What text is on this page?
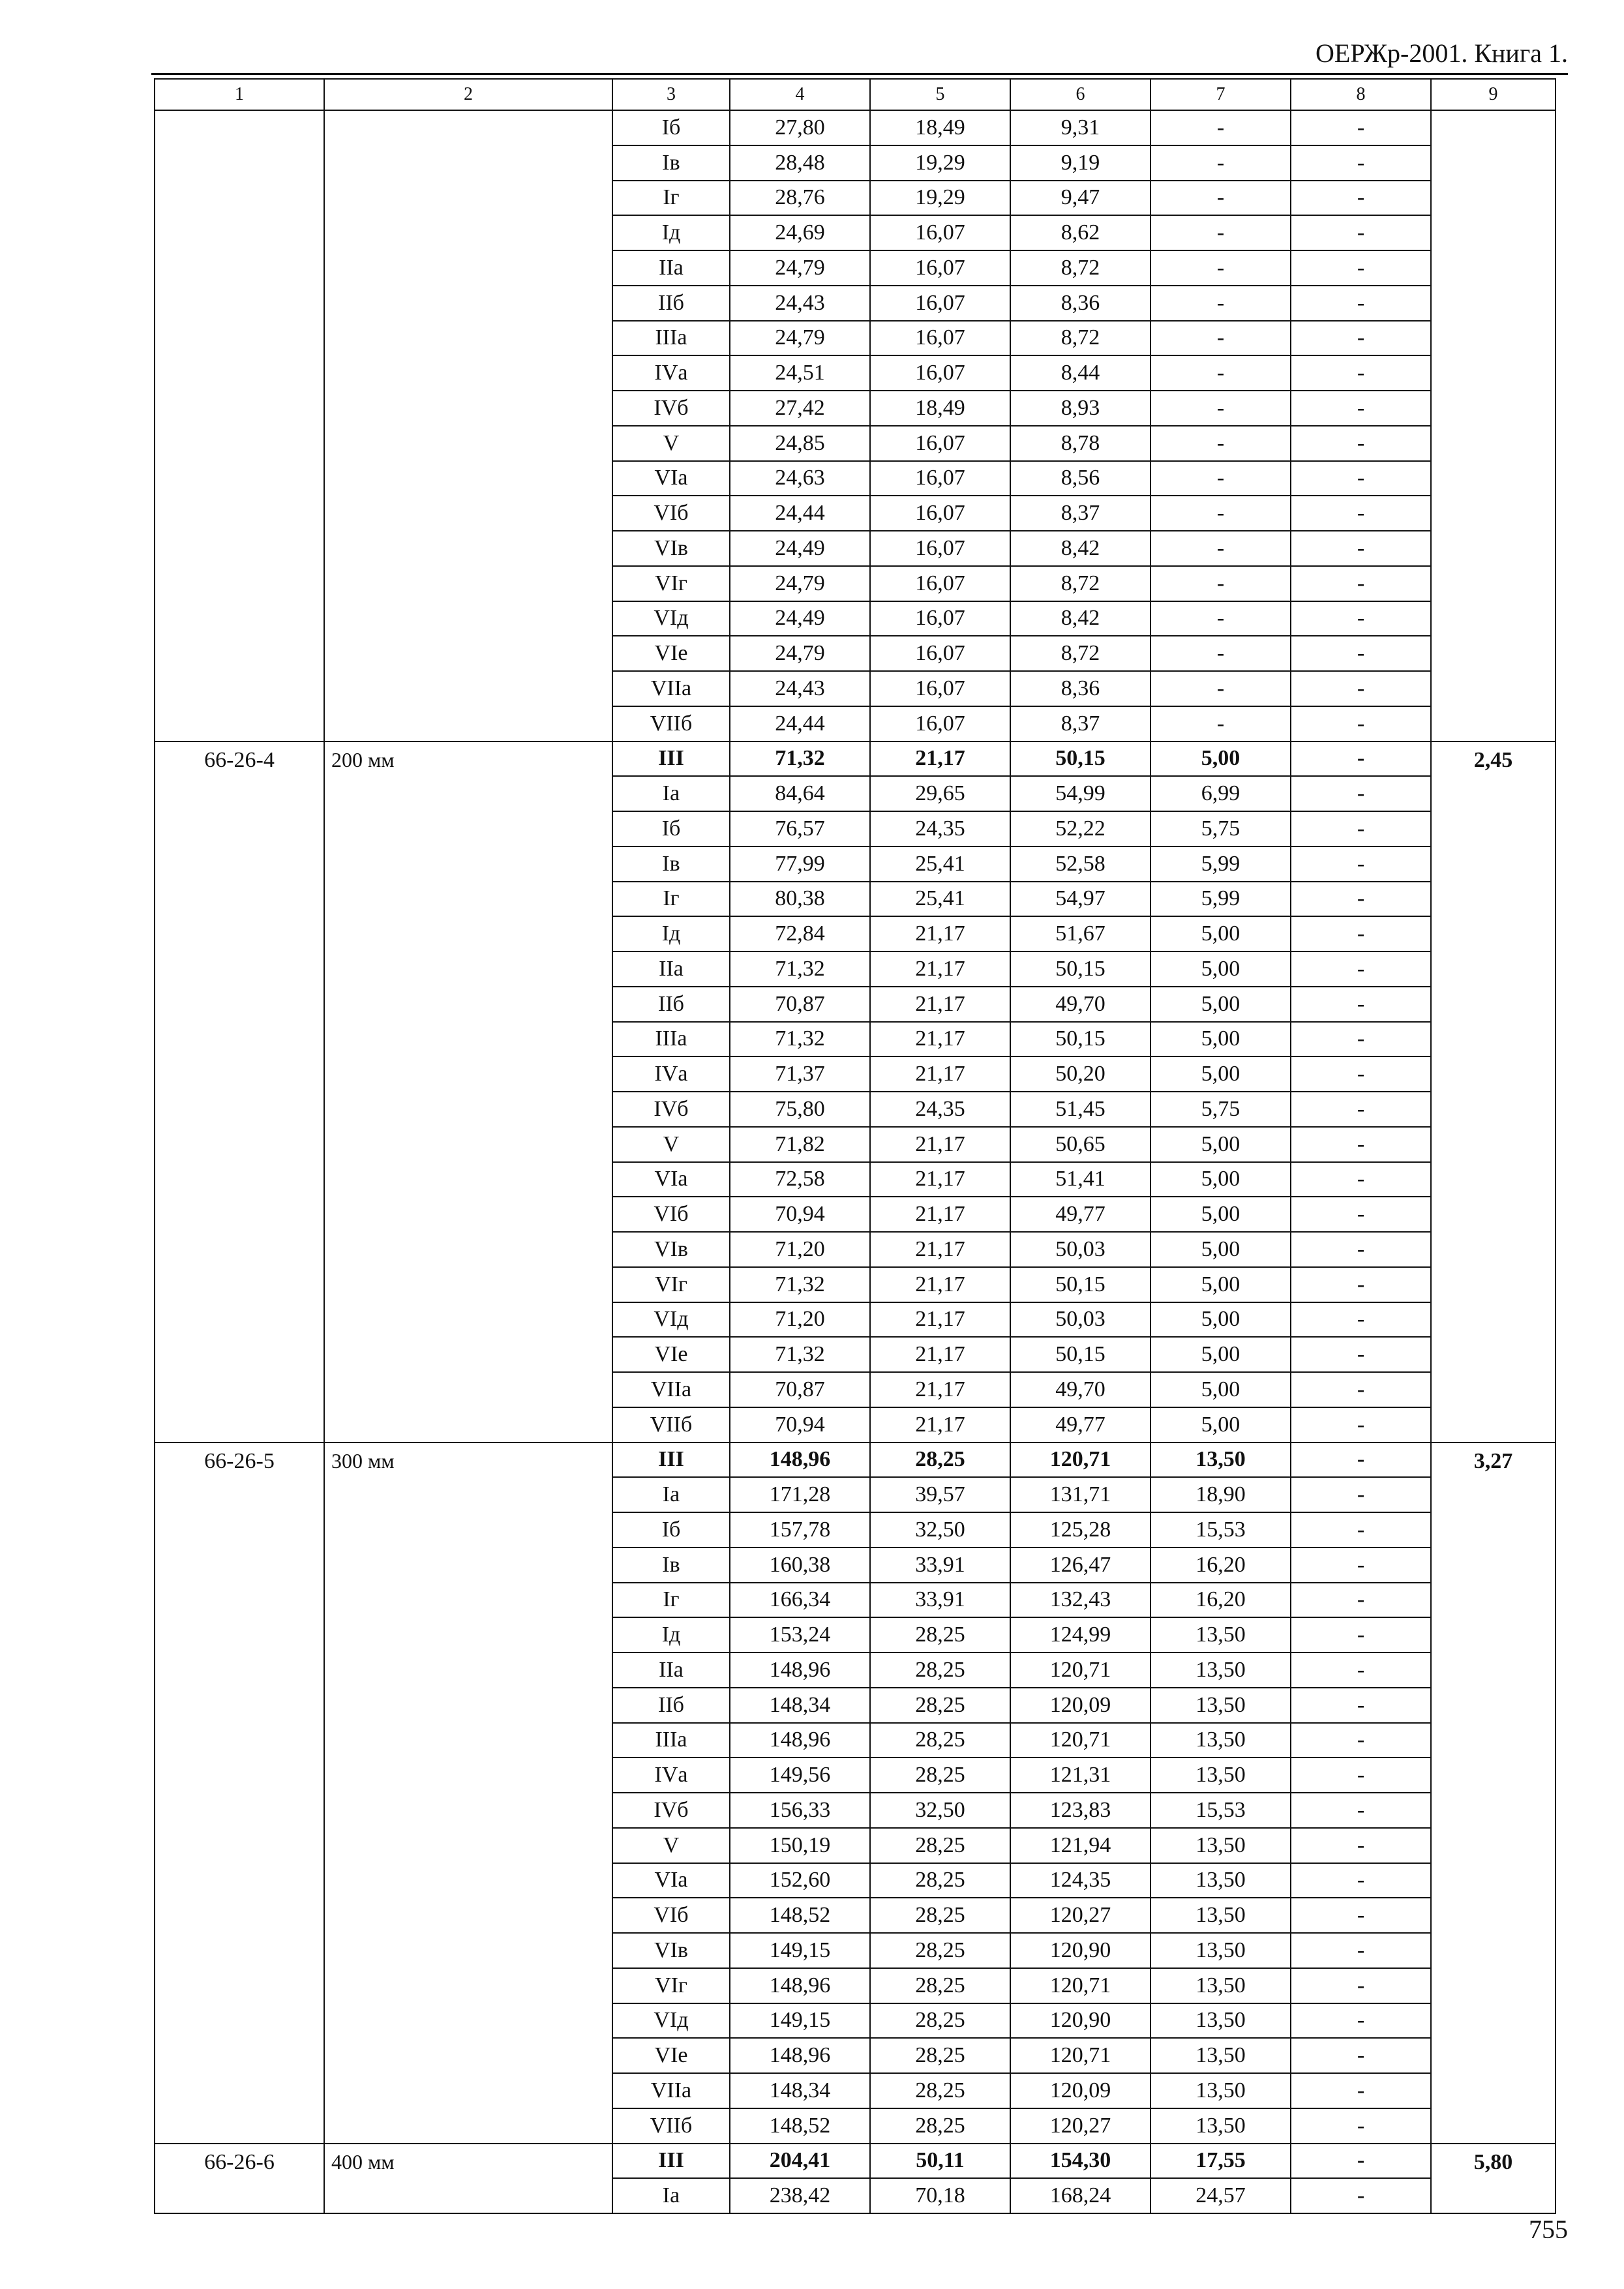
ОЕРЖр-2001. Книга 1.
1	2	3	4	5	6	7	8	9
		Iб	27,80	18,49	9,31	-	-	
		Iв	28,48	19,29	9,19	-	-	
		Iг	28,76	19,29	9,47	-	-	
		Iд	24,69	16,07	8,62	-	-	
		IIа	24,79	16,07	8,72	-	-	
		IIб	24,43	16,07	8,36	-	-	
		IIIа	24,79	16,07	8,72	-	-	
		IVа	24,51	16,07	8,44	-	-	
		IVб	27,42	18,49	8,93	-	-	
		V	24,85	16,07	8,78	-	-	
		VIа	24,63	16,07	8,56	-	-	
		VIб	24,44	16,07	8,37	-	-	
		VIв	24,49	16,07	8,42	-	-	
		VIг	24,79	16,07	8,72	-	-	
		VIд	24,49	16,07	8,42	-	-	
		VIе	24,79	16,07	8,72	-	-	
		VIIа	24,43	16,07	8,36	-	-	
		VIIб	24,44	16,07	8,37	-	-	
66-26-4	200 мм	III	71,32	21,17	50,15	5,00	-	2,45
		Iа	84,64	29,65	54,99	6,99	-	
		Iб	76,57	24,35	52,22	5,75	-	
		Iв	77,99	25,41	52,58	5,99	-	
		Iг	80,38	25,41	54,97	5,99	-	
		Iд	72,84	21,17	51,67	5,00	-	
		IIа	71,32	21,17	50,15	5,00	-	
		IIб	70,87	21,17	49,70	5,00	-	
		IIIа	71,32	21,17	50,15	5,00	-	
		IVа	71,37	21,17	50,20	5,00	-	
		IVб	75,80	24,35	51,45	5,75	-	
		V	71,82	21,17	50,65	5,00	-	
		VIа	72,58	21,17	51,41	5,00	-	
		VIб	70,94	21,17	49,77	5,00	-	
		VIв	71,20	21,17	50,03	5,00	-	
		VIг	71,32	21,17	50,15	5,00	-	
		VIд	71,20	21,17	50,03	5,00	-	
		VIе	71,32	21,17	50,15	5,00	-	
		VIIа	70,87	21,17	49,70	5,00	-	
		VIIб	70,94	21,17	49,77	5,00	-	
66-26-5	300 мм	III	148,96	28,25	120,71	13,50	-	3,27
		Iа	171,28	39,57	131,71	18,90	-	
		Iб	157,78	32,50	125,28	15,53	-	
		Iв	160,38	33,91	126,47	16,20	-	
		Iг	166,34	33,91	132,43	16,20	-	
		Iд	153,24	28,25	124,99	13,50	-	
		IIа	148,96	28,25	120,71	13,50	-	
		IIб	148,34	28,25	120,09	13,50	-	
		IIIа	148,96	28,25	120,71	13,50	-	
		IVа	149,56	28,25	121,31	13,50	-	
		IVб	156,33	32,50	123,83	15,53	-	
		V	150,19	28,25	121,94	13,50	-	
		VIа	152,60	28,25	124,35	13,50	-	
		VIб	148,52	28,25	120,27	13,50	-	
		VIв	149,15	28,25	120,90	13,50	-	
		VIг	148,96	28,25	120,71	13,50	-	
		VIд	149,15	28,25	120,90	13,50	-	
		VIе	148,96	28,25	120,71	13,50	-	
		VIIа	148,34	28,25	120,09	13,50	-	
		VIIб	148,52	28,25	120,27	13,50	-	
66-26-6	400 мм	III	204,41	50,11	154,30	17,55	-	5,80
		Iа	238,42	70,18	168,24	24,57	-	
755
